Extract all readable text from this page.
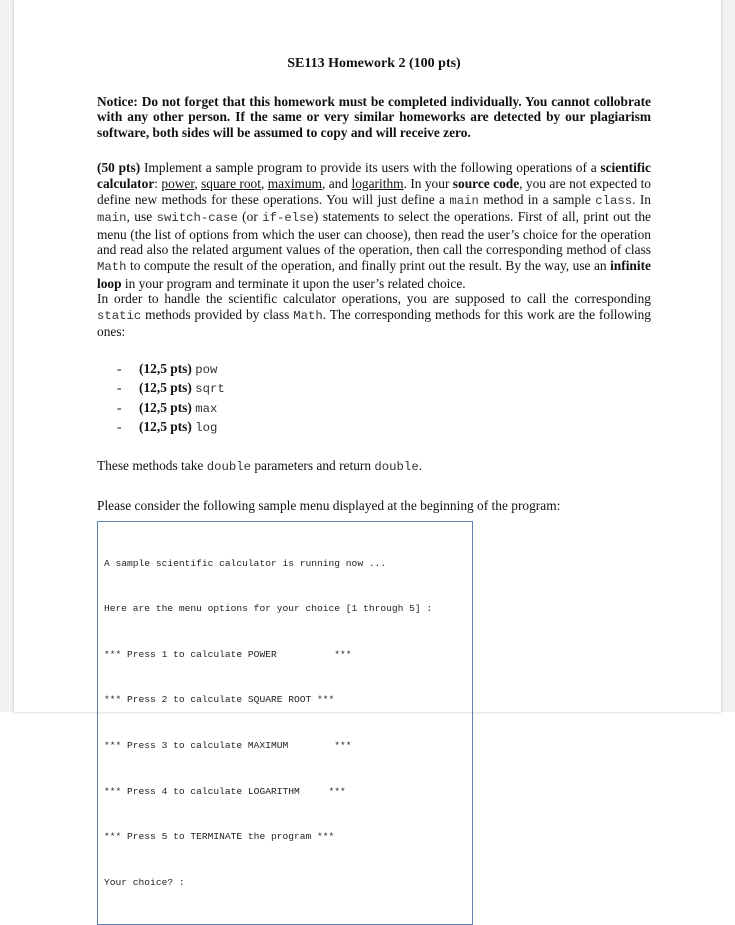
SE113 Homework 2 (100 pts)

Notice: Do not forget that this homework must be completed individually. You cannot collobrate with any other person. If the same or very similar homeworks are detected by our plagiarism software, both sides will be assumed to copy and will receive zero.

(50 pts) Implement a sample program to provide its users with the following operations of a scientific calculator: power, square root, maximum, and logarithm. In your source code, you are not expected to define new methods for these operations. You will just define a main method in a sample class. In main, use switch-case (or if-else) statements to select the operations. First of all, print out the menu (the list of options from which the user can choose), then read the user’s choice for the operation and read also the related argument values of the operation, then call the corresponding method of class Math to compute the result of the operation, and finally print out the result. By the way, use an infinite loop in your program and terminate it upon the user’s related choice.

In order to handle the scientific calculator operations, you are supposed to call the corresponding static methods provided by class Math. The corresponding methods for this work are the following ones:

- (12,5 pts) pow
- (12,5 pts) sqrt
- (12,5 pts) max
- (12,5 pts) log

These methods take double parameters and return double.

Please consider the following sample menu displayed at the beginning of the program:

A sample scientific calculator is running now ...

Here are the menu options for your choice [1 through 5] :

*** Press 1 to calculate POWER          ***

*** Press 2 to calculate SQUARE ROOT ***

*** Press 3 to calculate MAXIMUM        ***

*** Press 4 to calculate LOGARITHM     ***

*** Press 5 to TERMINATE the program ***

Your choice? :
